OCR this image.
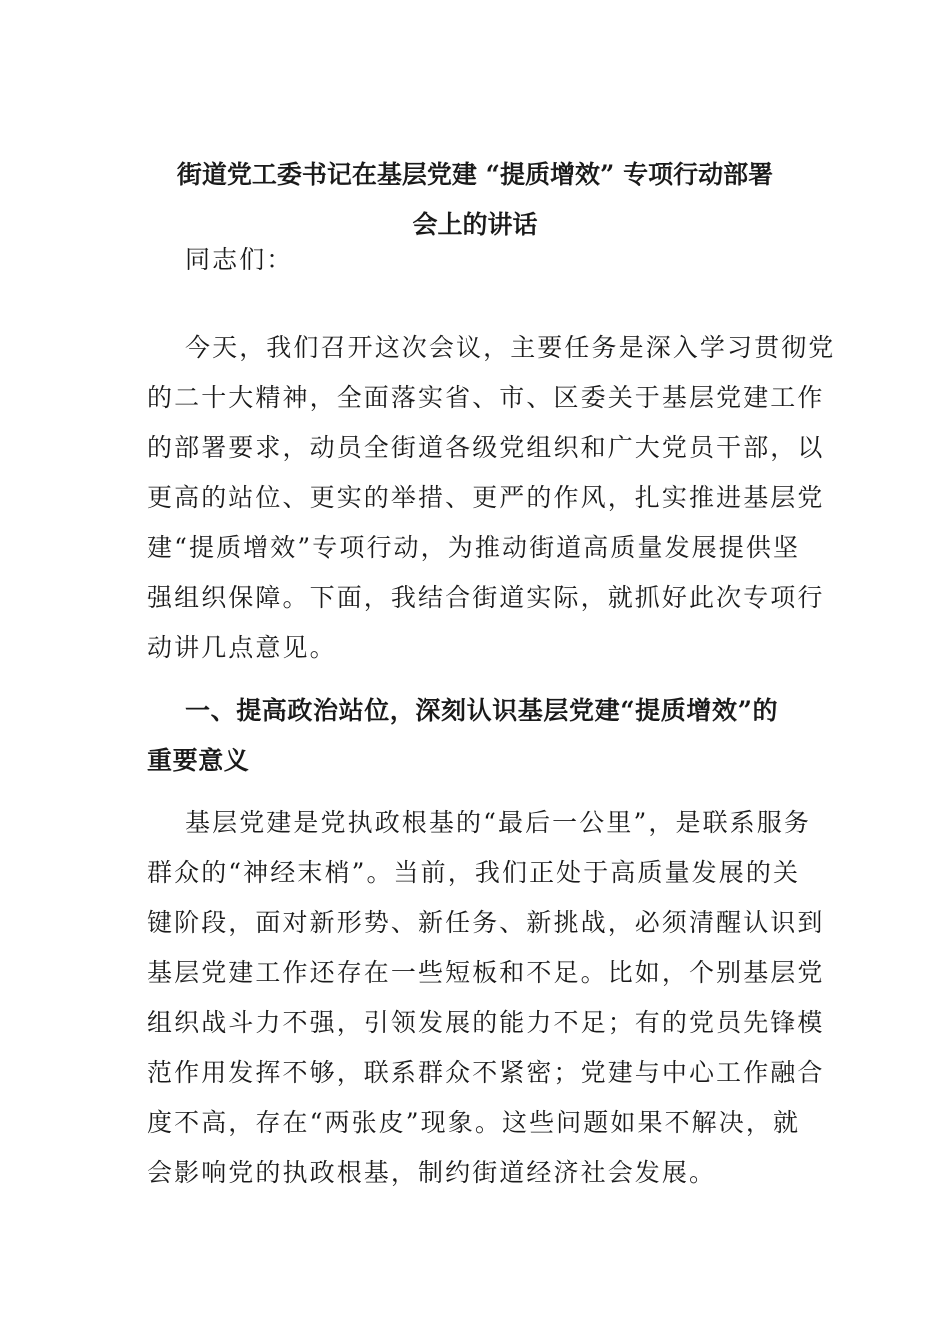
街道党工委书记在基层党建 “提质增效” 专项行动部署
会上的讲话
同志们：
今天，我们召开这次会议，主要任务是深入学习贯彻党
的二十大精神，全面落实省、市、区委关于基层党建工作
的部署要求，动员全街道各级党组织和广大党员干部，以
更高的站位、更实的举措、更严的作风，扎实推进基层党
建“提质增效”专项行动，为推动街道高质量发展提供坚
强组织保障。下面，我结合街道实际，就抓好此次专项行
动讲几点意见。
一、提高政治站位，深刻认识基层党建“提质增效”的
重要意义
基层党建是党执政根基的“最后一公里”，是联系服务
群众的“神经末梢”。当前，我们正处于高质量发展的关
键阶段，面对新形势、新任务、新挑战，必须清醒认识到
基层党建工作还存在一些短板和不足。比如，个别基层党
组织战斗力不强，引领发展的能力不足；有的党员先锋模
范作用发挥不够，联系群众不紧密；党建与中心工作融合
度不高，存在“两张皮”现象。这些问题如果不解决，就
会影响党的执政根基，制约街道经济社会发展。
